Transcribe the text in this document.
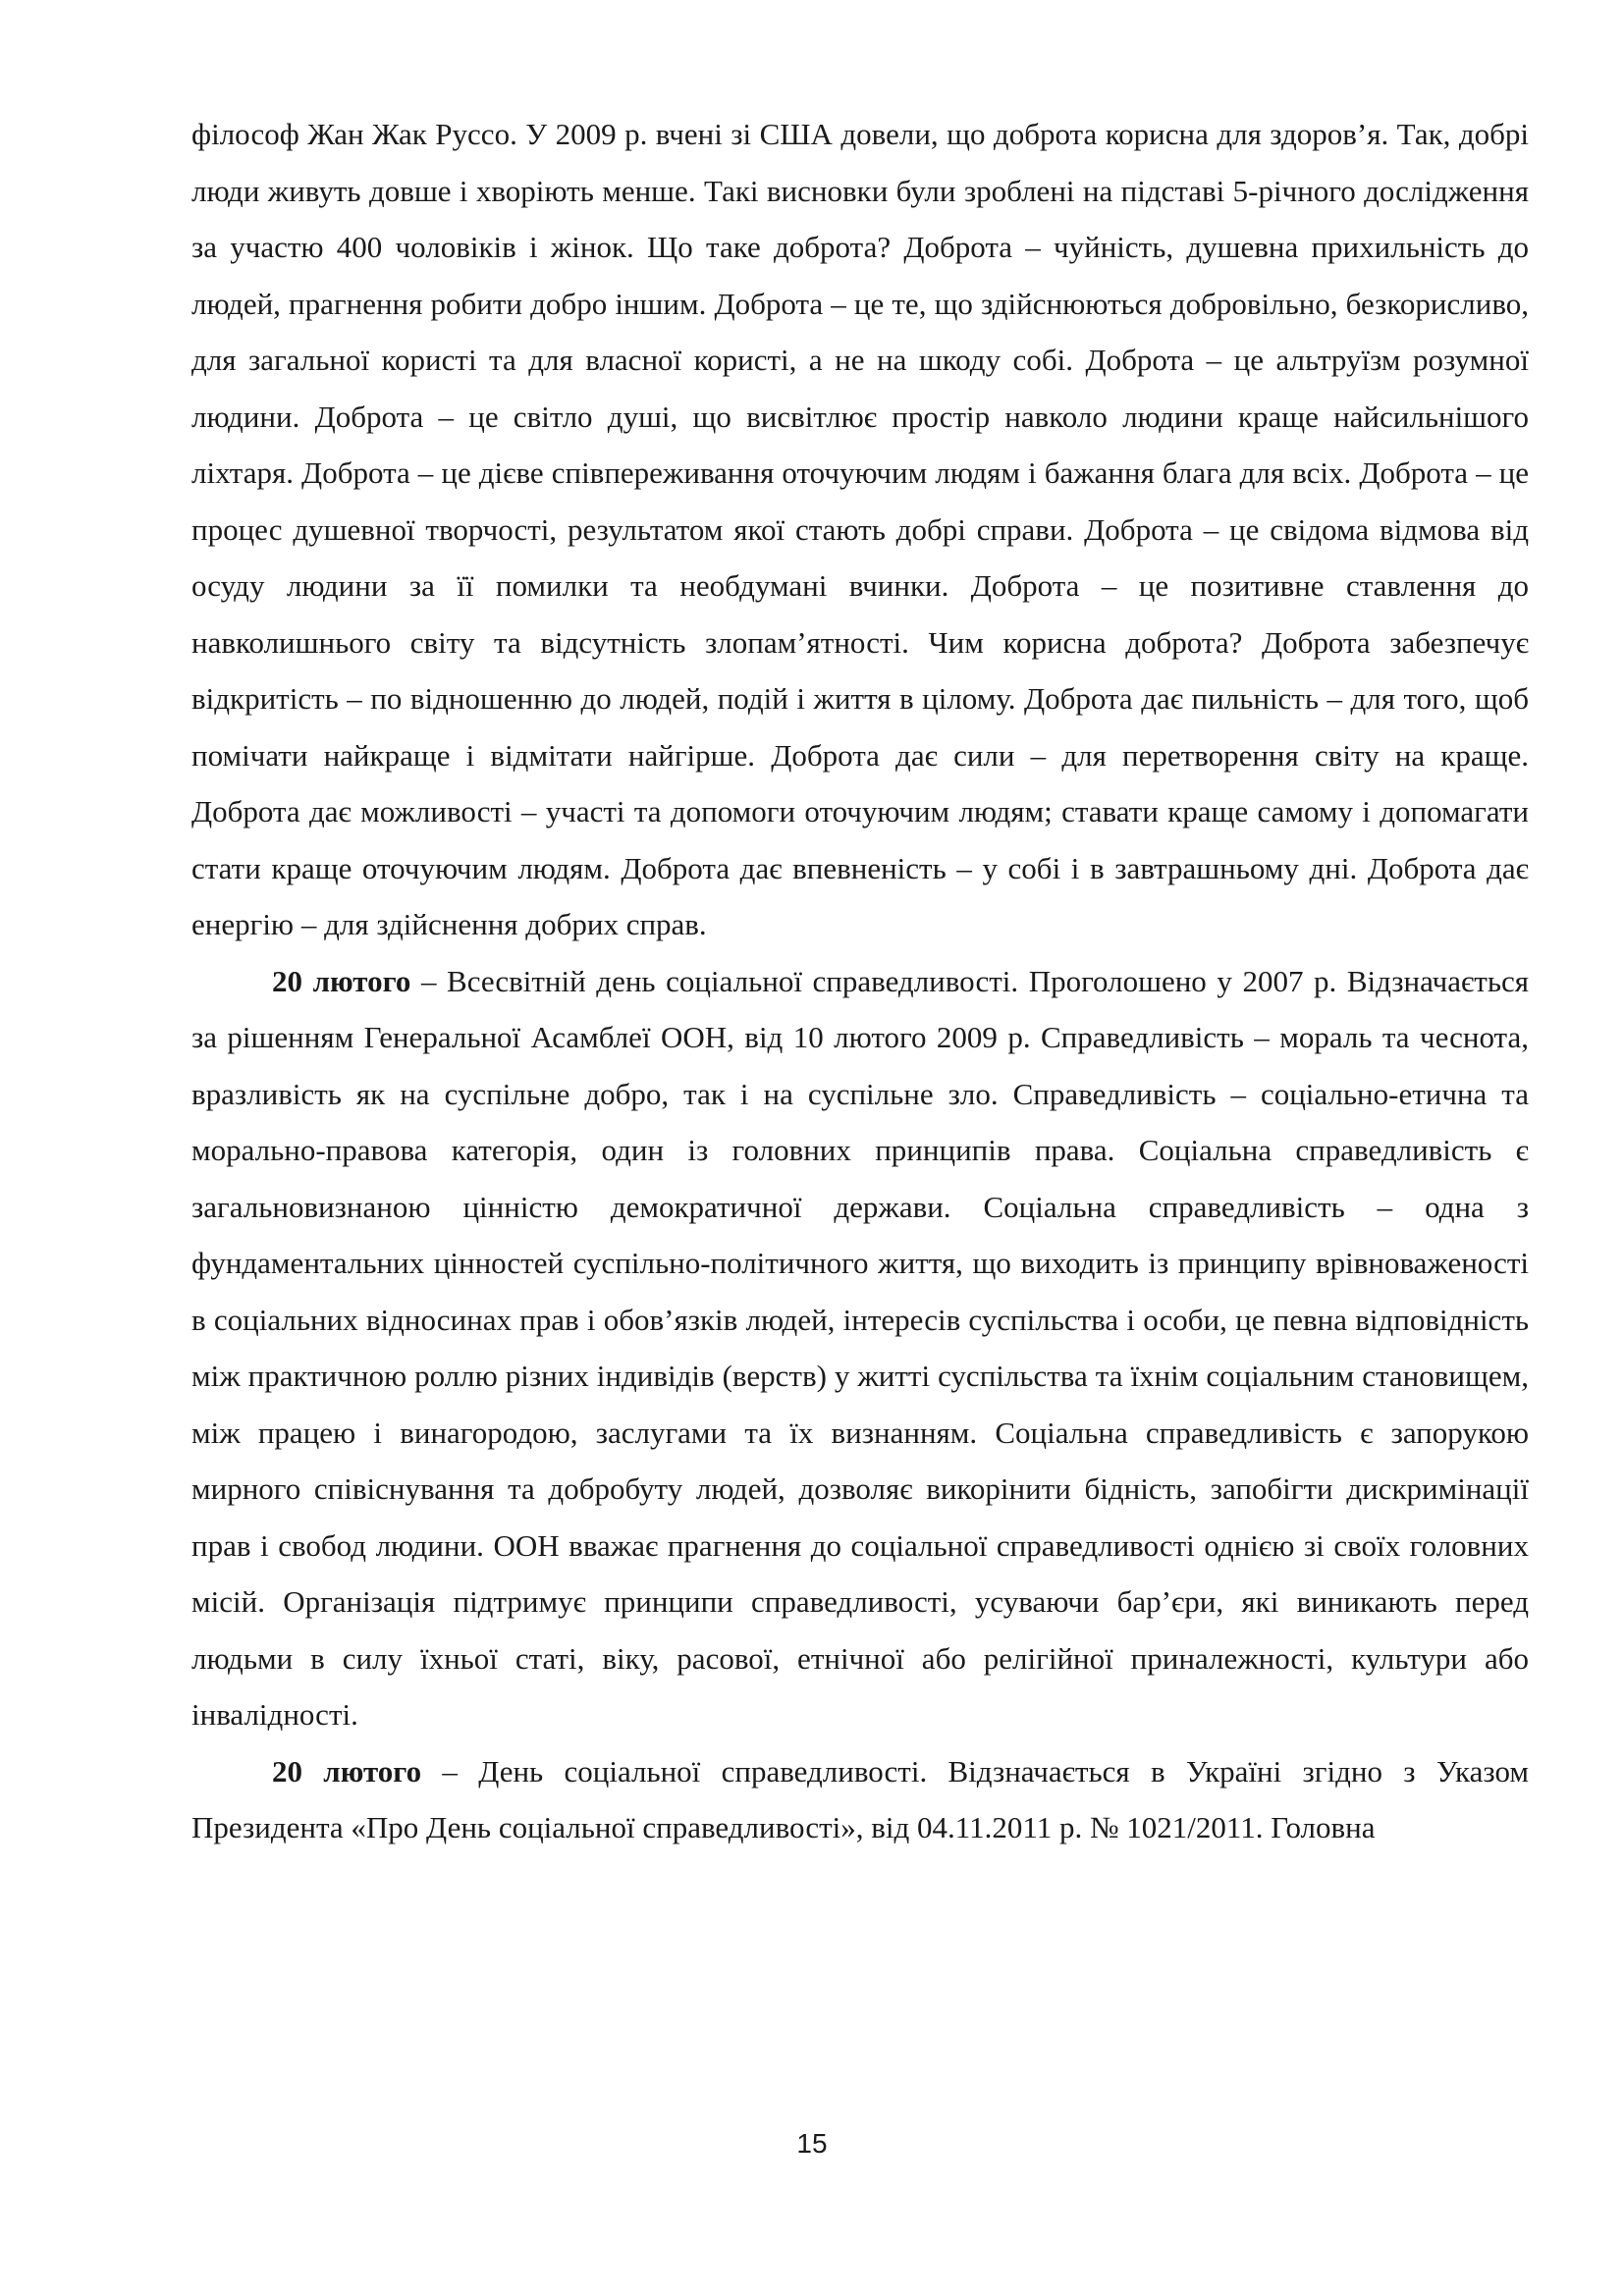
філософ Жан Жак Руссо. У 2009 р. вчені зі США довели, що доброта корисна для здоров’я. Так, добрі люди живуть довше і хворіють менше. Такі висновки були зроблені на підставі 5-річного дослідження за участю 400 чоловіків і жінок. Що таке доброта? Доброта – чуйність, душевна прихильність до людей, прагнення робити добро іншим. Доброта – це те, що здійснюються добровільно, безкорисливо, для загальної користі та для власної користі, а не на шкоду собі. Доброта – це альтруїзм розумної людини. Доброта – це світло душі, що висвітлює простір навколо людини краще найсильнішого ліхтаря. Доброта – це дієве співпереживання оточуючим людям і бажання блага для всіх. Доброта – це процес душевної творчості, результатом якої стають добрі справи. Доброта – це свідома відмова від осуду людини за її помилки та необдумані вчинки. Доброта – це позитивне ставлення до навколишнього світу та відсутність злопам’ятності. Чим корисна доброта? Доброта забезпечує відкритість – по відношенню до людей, подій і життя в цілому. Доброта дає пильність – для того, щоб помічати найкраще і відмітати найгірше. Доброта дає сили – для перетворення світу на краще. Доброта дає можливості – участі та допомоги оточуючим людям; ставати краще самому і допомагати стати краще оточуючим людям. Доброта дає впевненість – у собі і в завтрашньому дні. Доброта дає енергію – для здійснення добрих справ.

20 лютого – Всесвітній день соціальної справедливості. Проголошено у 2007 р. Відзначається за рішенням Генеральної Асамблеї ООН, від 10 лютого 2009 р. Справедливість – мораль та чеснота, вразливість як на суспільне добро, так і на суспільне зло. Справедливість – соціально-етична та морально-правова категорія, один із головних принципів права. Соціальна справедливість є загальновизнаною цінністю демократичної держави. Соціальна справедливість – одна з фундаментальних цінностей суспільно-політичного життя, що виходить із принципу врівноваженості в соціальних відносинах прав і обов’язків людей, інтересів суспільства і особи, це певна відповідність між практичною роллю різних індивідів (верств) у житті суспільства та їхнім соціальним становищем, між працею і винагородою, заслугами та їх визнанням. Соціальна справедливість є запорукою мирного співіснування та добробуту людей, дозволяє викорінити бідність, запобігти дискримінації прав і свобод людини. ООН вважає прагнення до соціальної справедливості однією зі своїх головних місій. Організація підтримує принципи справедливості, усуваючи бар’єри, які виникають перед людьми в силу їхньої статі, віку, расової, етнічної або релігійної приналежності, культури або інвалідності.

20 лютого – День соціальної справедливості. Відзначається в Україні згідно з Указом Президента «Про День соціальної справедливості», від 04.11.2011 р. № 1021/2011. Головна

15
